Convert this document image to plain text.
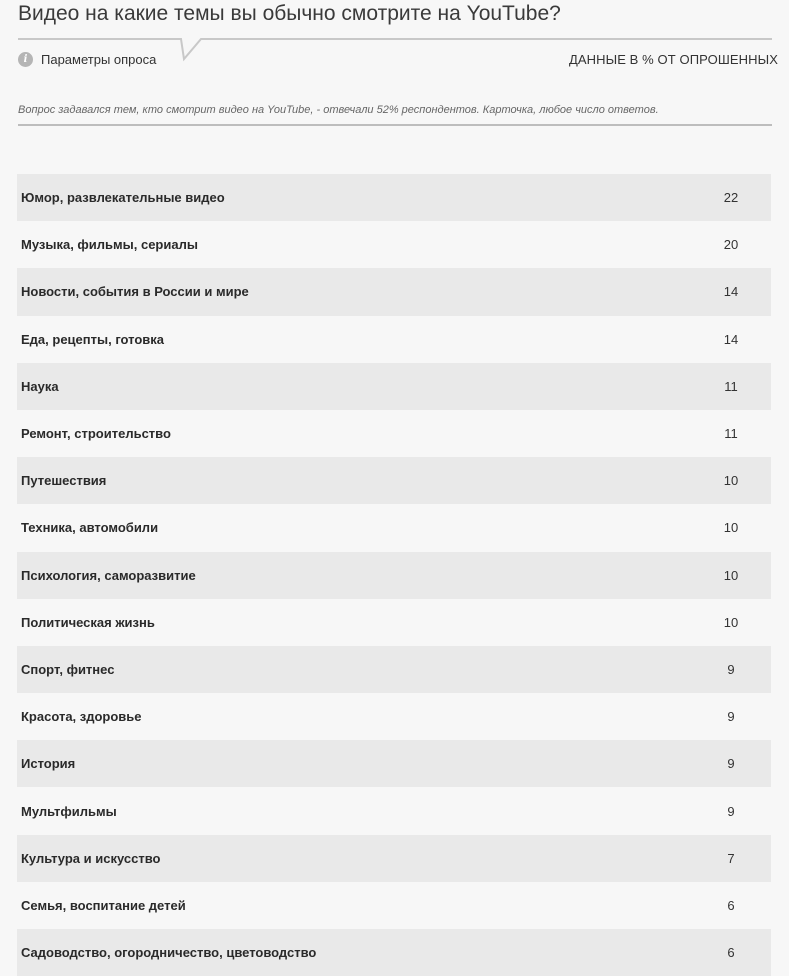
Видео на какие темы вы обычно смотрите на YouTube?
i	Параметры опроса	ДАННЫЕ В % ОТ ОПРОШЕННЫХ
Вопрос задавался тем, кто смотрит видео на YouTube, - отвечали 52% респондентов. Карточка, любое число ответов.
Юмор, развлекательные видео	22
Музыка, фильмы, сериалы	20
Новости, события в России и мире	14
Еда, рецепты, готовка	14
Наука	11
Ремонт, строительство	11
Путешествия	10
Техника, автомобили	10
Психология, саморазвитие	10
Политическая жизнь	10
Спорт, фитнес	9
Красота, здоровье	9
История	9
Мультфильмы	9
Культура и искусство	7
Семья, воспитание детей	6
Садоводство, огородничество, цветоводство	6
